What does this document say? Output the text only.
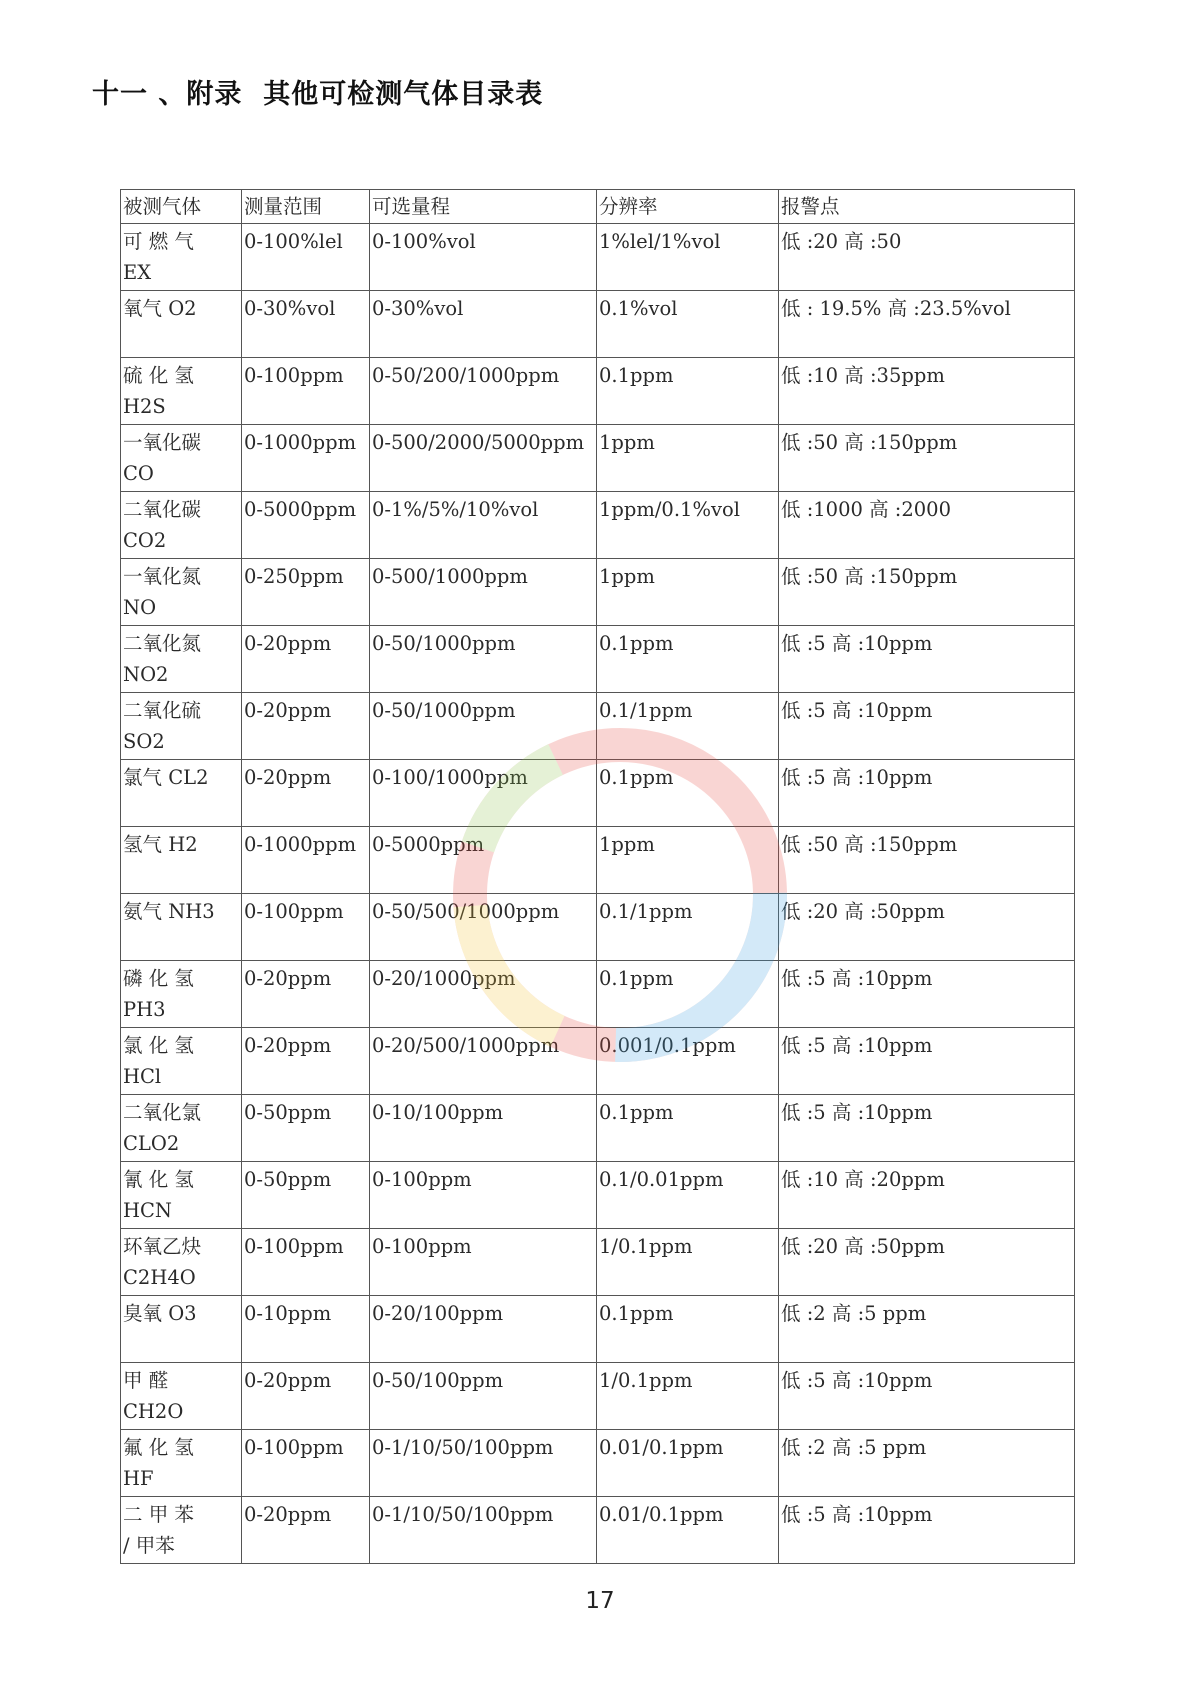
十一 、附录  其他可检测气体目录表
被测气体	测量范围	可选量程	分辨率	报警点

可 燃 气
EX	0-100%lel	0-100%vol	1%lel/1%vol	低 :20 高 :50

氧气 O2	0-30%vol	0-30%vol	0.1%vol	低 : 19.5% 高 :23.5%vol

硫 化 氢
H2S	0-100ppm	0-50/200/1000ppm	0.1ppm	低 :10 高 :35ppm

一氧化碳
CO	0-1000ppm	0-500/2000/5000ppm	1ppm	低 :50 高 :150ppm

二氧化碳
CO2	0-5000ppm	0-1%/5%/10%vol	1ppm/0.1%vol	低 :1000 高 :2000

一氧化氮
NO	0-250ppm	0-500/1000ppm	1ppm	低 :50 高 :150ppm

二氧化氮
NO2	0-20ppm	0-50/1000ppm	0.1ppm	低 :5 高 :10ppm

二氧化硫
SO2	0-20ppm	0-50/1000ppm	0.1/1ppm	低 :5 高 :10ppm

氯气 CL2	0-20ppm	0-100/1000ppm	0.1ppm	低 :5 高 :10ppm

氢气 H2	0-1000ppm	0-5000ppm	1ppm	低 :50 高 :150ppm

氨气 NH3	0-100ppm	0-50/500/1000ppm	0.1/1ppm	低 :20 高 :50ppm

磷 化 氢
PH3	0-20ppm	0-20/1000ppm	0.1ppm	低 :5 高 :10ppm

氯 化 氢
HCl	0-20ppm	0-20/500/1000ppm	0.001/0.1ppm	低 :5 高 :10ppm

二氧化氯
CLO2	0-50ppm	0-10/100ppm	0.1ppm	低 :5 高 :10ppm

氰 化 氢
HCN	0-50ppm	0-100ppm	0.1/0.01ppm	低 :10 高 :20ppm

环氧乙炔
C2H4O	0-100ppm	0-100ppm	1/0.1ppm	低 :20 高 :50ppm

臭氧 O3	0-10ppm	0-20/100ppm	0.1ppm	低 :2 高 :5 ppm

甲 醛
CH2O	0-20ppm	0-50/100ppm	1/0.1ppm	低 :5 高 :10ppm

氟 化 氢
HF	0-100ppm	0-1/10/50/100ppm	0.01/0.1ppm	低 :2 高 :5 ppm

二 甲 苯
/ 甲苯	0-20ppm	0-1/10/50/100ppm	0.01/0.1ppm	低 :5 高 :10ppm
17
